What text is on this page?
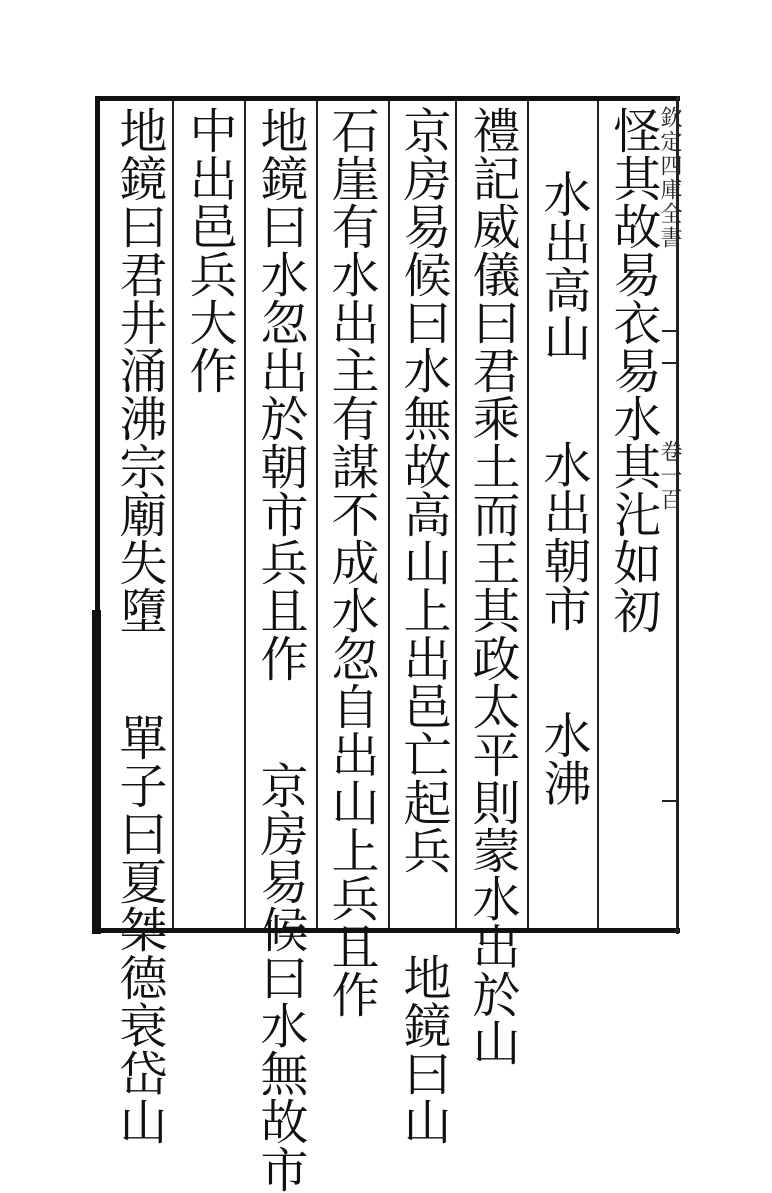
欽定四庫全書
卷一百
怪其故易衣易水其㲺如初
水出高山  水出朝市  水沸
禮記威儀曰君乘土而王其政太平則蒙水出於山
京房易候曰水無故高山上出邑亡起兵  地鏡曰山
石崖有水出主有謀不成水忽自出山上兵且作
地鏡曰水忽出於朝市兵且作  京房易候曰水無故市
中出邑兵大作
地鏡曰君井涌沸宗廟失墮  單子曰夏桀德衰岱山
